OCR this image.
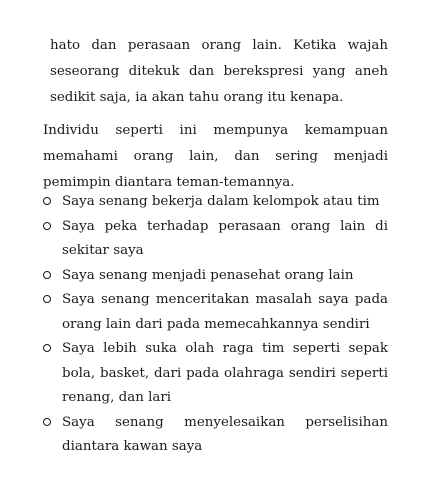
hato dan perasaan orang lain. Ketika wajah seseorang ditekuk dan berekspresi yang aneh sedikit saja, ia akan tahu orang itu kenapa.

Individu seperti ini mempunya kemampuan memahami orang lain, dan sering menjadi pemimpin diantara teman-temannya.

Saya senang bekerja dalam kelompok atau tim
Saya peka terhadap perasaan orang lain di sekitar saya
Saya senang menjadi penasehat orang lain
Saya senang menceritakan masalah saya pada orang lain dari pada memecahkannya sendiri
Saya lebih suka olah raga tim seperti sepak bola, basket, dari pada olahraga sendiri seperti renang, dan lari
Saya senang menyelesaikan perselisihan diantara kawan saya
